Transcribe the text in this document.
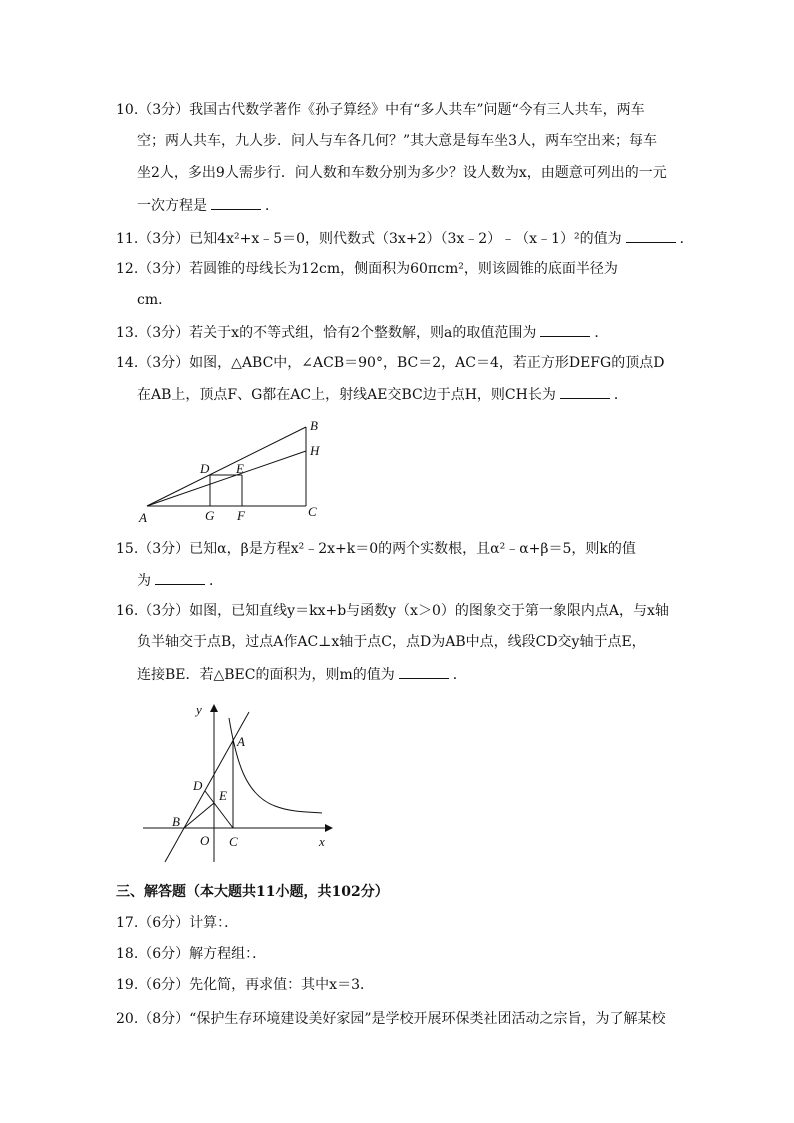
10.（3分）我国古代数学著作《孙子算经》中有“多人共车”问题“今有三人共车，两车
空；两人共车，九人步．问人与车各几何？”其大意是每车坐3人，两车空出来；每车
坐2人，多出9人需步行．问人数和车数分别为多少？设人数为x，由题意可列出的一元
一次方程是	．
11.（3分）已知4x²+x﹣5＝0，则代数式（3x+2）（3x﹣2）﹣（x﹣1）²的值为	．
12.（3分）若圆锥的母线长为12cm，侧面积为60πcm²，则该圆锥的底面半径为
cm．
13.（3分）若关于x的不等式组，恰有2个整数解，则a的取值范围为	．
14.（3分）如图，△ABC中，∠ACB＝90°，BC＝2，AC＝4，若正方形DEFG的顶点D
在AB上，顶点F、G都在AC上，射线AE交BC边于点H，则CH长为	．
A
B
C
D E
F
G
H
15.（3分）已知α，β是方程x²﹣2x+k＝0的两个实数根，且α²﹣α+β＝5，则k的值
为	．
16.（3分）如图，已知直线y＝kx+b与函数y（x＞0）的图象交于第一象限内点A，与x轴
负半轴交于点B，过点A作AC⊥x轴于点C，点D为AB中点，线段CD交y轴于点E，
连接BE．若△BEC的面积为，则m的值为	．
y
x
A
B
C
D
E
O
三、解答题（本大题共11小题，共102分）
17.（6分）计算：．
18.（6分）解方程组：．
19.（6分）先化简，再求值：其中x＝3．
20.（8分）“保护生存环境建设美好家园”是学校开展环保类社团活动之宗旨，为了解某校
